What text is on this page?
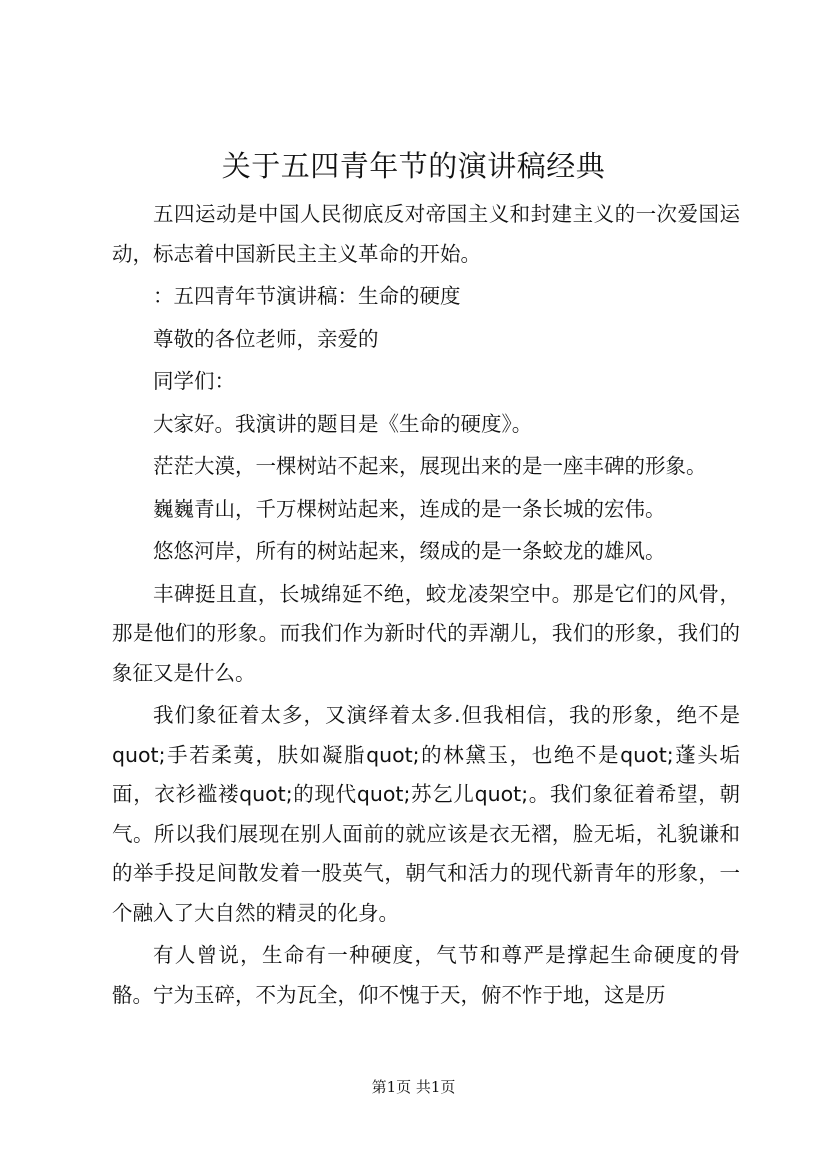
关于五四青年节的演讲稿经典

五四运动是中国人民彻底反对帝国主义和封建主义的一次爱国运动，标志着中国新民主主义革命的开始。

：五四青年节演讲稿：生命的硬度

尊敬的各位老师，亲爱的

同学们：

大家好。我演讲的题目是《生命的硬度》。

茫茫大漠，一棵树站不起来，展现出来的是一座丰碑的形象。

巍巍青山，千万棵树站起来，连成的是一条长城的宏伟。

悠悠河岸，所有的树站起来，缀成的是一条蛟龙的雄风。

丰碑挺且直，长城绵延不绝，蛟龙凌架空中。那是它们的风骨，那是他们的形象。而我们作为新时代的弄潮儿，我们的形象，我们的象征又是什么。

我们象征着太多，又演绎着太多.但我相信，我的形象，绝不是quot;手若柔荑，肤如凝脂quot;的林黛玉，也绝不是quot;蓬头垢面，衣衫褴褛quot;的现代quot;苏乞儿quot;。我们象征着希望，朝气。所以我们展现在别人面前的就应该是衣无褶，脸无垢，礼貌谦和的举手投足间散发着一股英气，朝气和活力的现代新青年的形象，一个融入了大自然的精灵的化身。

有人曾说，生命有一种硬度，气节和尊严是撑起生命硬度的骨骼。宁为玉碎，不为瓦全，仰不愧于天，俯不怍于地，这是历

第1页 共1页
